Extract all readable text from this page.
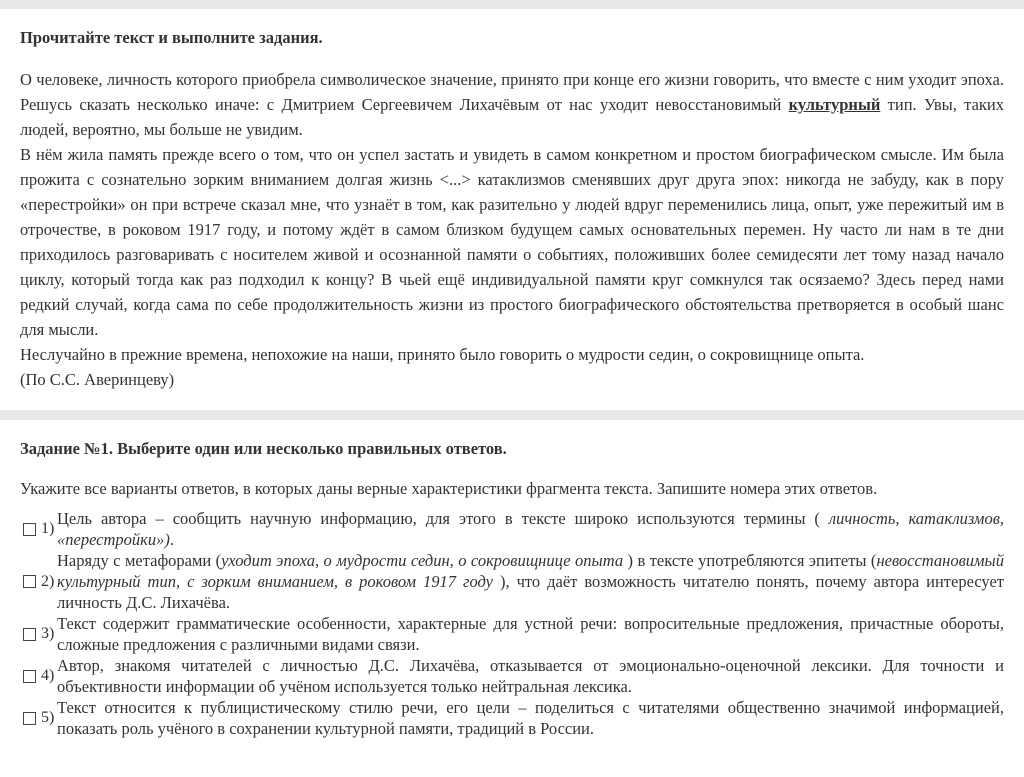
Прочитайте текст и выполните задания.

О человеке, личность которого приобрела символическое значение, принято при конце его жизни говорить, что вместе с ним уходит эпоха. Решусь сказать несколько иначе: с Дмитрием Сергеевичем Лихачёвым от нас уходит невосстановимый культурный тип. Увы, таких людей, вероятно, мы больше не увидим.

В нём жила память прежде всего о том, что он успел застать и увидеть в самом конкретном и простом биографическом смысле. Им была прожита с сознательно зорким вниманием долгая жизнь <...> катаклизмов сменявших друг друга эпох: никогда не забуду, как в пору «перестройки» он при встрече сказал мне, что узнаёт в том, как разительно у людей вдруг переменились лица, опыт, уже пережитый им в отрочестве, в роковом 1917 году, и потому ждёт в самом близком будущем самых основательных перемен. Ну часто ли нам в те дни приходилось разговаривать с носителем живой и осознанной памяти о событиях, положивших более семидесяти лет тому назад начало циклу, который тогда как раз подходил к концу? В чьей ещё индивидуальной памяти круг сомкнулся так осязаемо? Здесь перед нами редкий случай, когда сама по себе продолжительность жизни из простого биографического обстоятельства претворяется в особый шанс для мысли.

Неслучайно в прежние времена, непохожие на наши, принято было говорить о мудрости седин, о сокровищнице опыта.

(По С.С. Аверинцеву)

Задание №1. Выберите один или несколько правильных ответов.
Укажите все варианты ответов, в которых даны верные характеристики фрагмента текста. Запишите номера этих ответов.
1)
Цель автора – сообщить научную информацию, для этого в тексте широко используются термины ( личность, катаклизмов, «перестройки»).
2)
Наряду с метафорами (уходит эпоха, о мудрости седин, о сокровищнице опыта ) в тексте употребляются эпитеты (невосстановимый культурный тип, с зорким вниманием, в роковом 1917 году ), что даёт возможность читателю понять, почему автора интересует личность Д.С. Лихачёва.
3)
Текст содержит грамматические особенности, характерные для устной речи: вопросительные предложения, причастные обороты, сложные предложения с различными видами связи.
4)
Автор, знакомя читателей с личностью Д.С. Лихачёва, отказывается от эмоционально-оценочной лексики. Для точности и объективности информации об учёном используется только нейтральная лексика.
5)
Текст относится к публицистическому стилю речи, его цели – поделиться с читателями общественно значимой информацией, показать роль учёного в сохранении культурной памяти, традиций в России.
